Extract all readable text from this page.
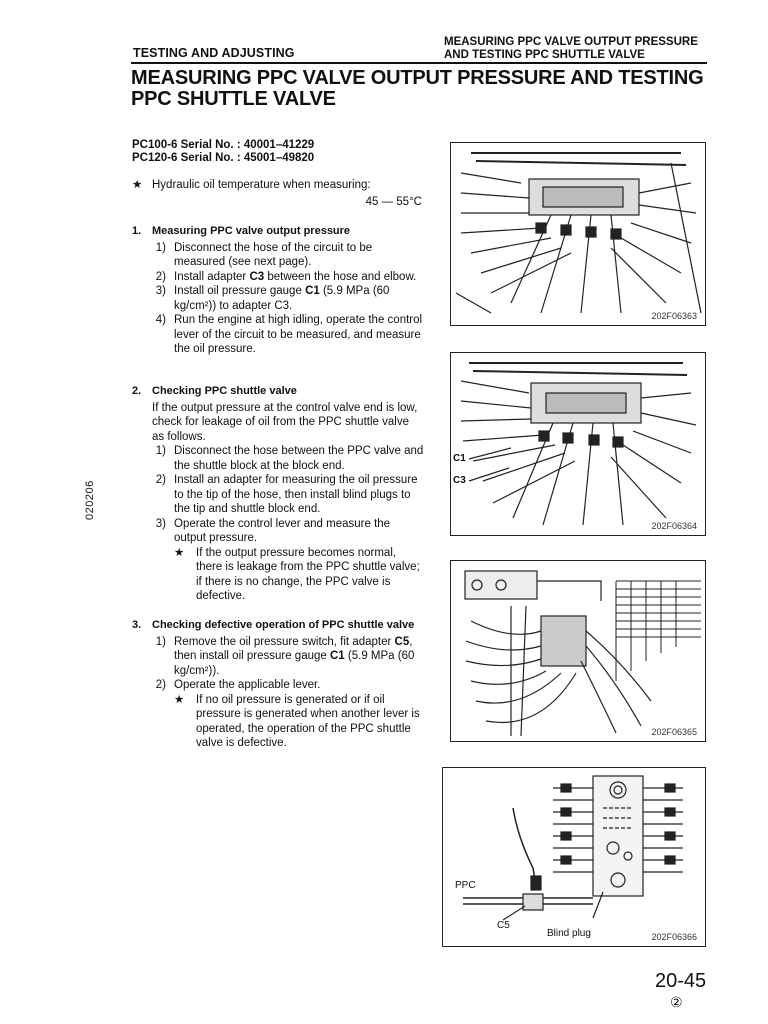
TESTING AND ADJUSTING
MEASURING PPC VALVE OUTPUT PRESSURE
AND TESTING PPC SHUTTLE VALVE
MEASURING PPC VALVE OUTPUT PRESSURE AND TESTING
PPC SHUTTLE VALVE
PC100-6 Serial No. : 40001–41229
PC120-6 Serial No. : 45001–49820
★ Hydraulic oil temperature when measuring:
45 — 55°C
1. Measuring PPC valve output pressure
1) Disconnect the hose of the circuit to be measured (see next page).
2) Install adapter C3 between the hose and elbow.
3) Install oil pressure gauge C1 (5.9 MPa (60 kg/cm²)) to adapter C3.
4) Run the engine at high idling, operate the control lever of the circuit to be measured, and measure the oil pressure.
2. Checking PPC shuttle valve
If the output pressure at the control valve end is low, check for leakage of oil from the PPC shuttle valve as follows.
1) Disconnect the hose between the PPC valve and the shuttle block at the block end.
2) Install an adapter for measuring the oil pressure to the tip of the hose, then install blind plugs to the tip and shuttle block end.
3) Operate the control lever and measure the output pressure.
★	If the output pressure becomes normal, there is leakage from the PPC shuttle valve; if there is no change, the PPC valve is defective.
3. Checking defective operation of PPC shuttle valve
1) Remove the oil pressure switch, fit adapter C5, then install oil pressure gauge C1 (5.9 MPa (60 kg/cm²)).
2) Operate the applicable lever.
★	If no oil pressure is generated or if oil pressure is generated when another lever is operated, the operation of the PPC shuttle valve is defective.
202F06363
C1
C3
202F06364
202F06365
PPC
C5
Blind plug	202F06366
020206
20-45
②
